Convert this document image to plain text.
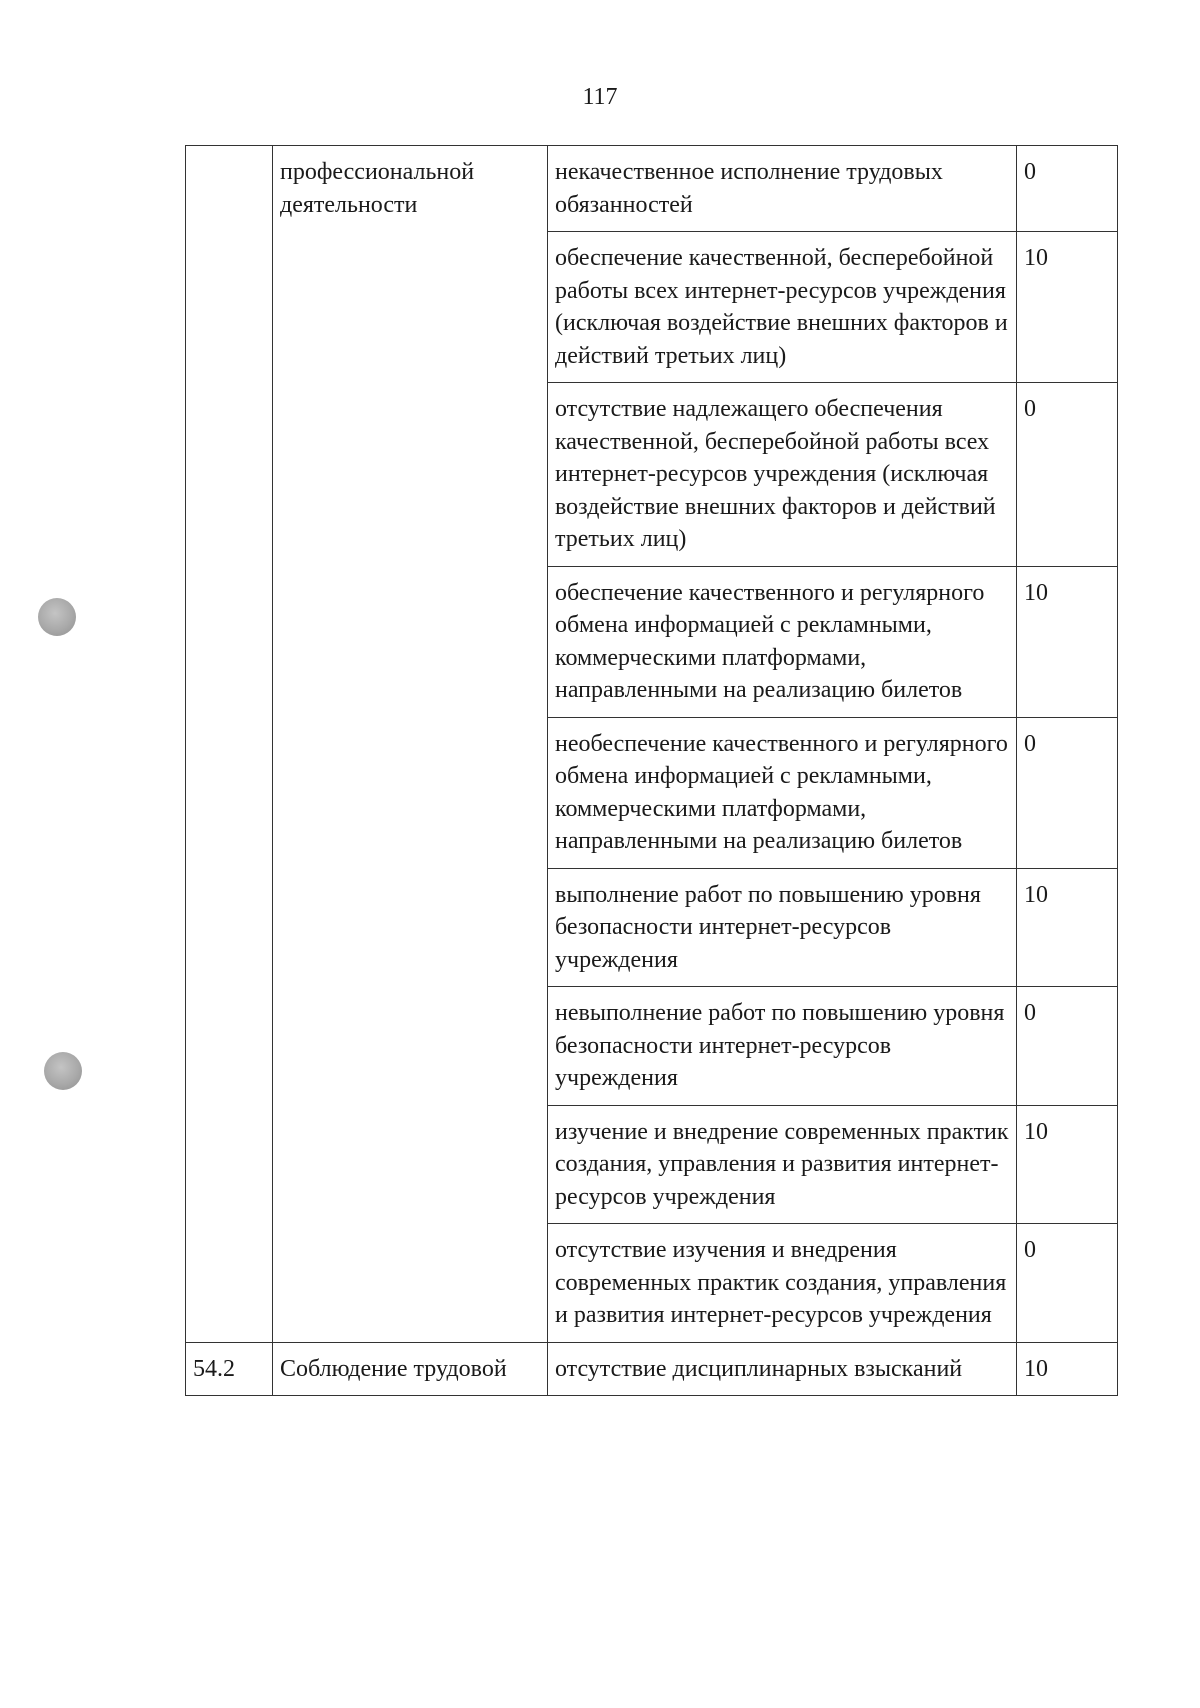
117
	профессиональной деятельности	некачественное исполнение трудовых обязанностей	0
		обеспечение качественной, бесперебойной работы всех интернет-ресурсов учреждения (исключая воздействие внешних факторов и действий третьих лиц)	10
		отсутствие надлежащего обеспечения качественной, бесперебойной работы всех интернет-ресурсов учреждения (исключая воздействие внешних факторов и действий третьих лиц)	0
		обеспечение качественного и регулярного обмена информацией с рекламными, коммерческими платформами, направленными на реализацию билетов	10
		необеспечение качественного и регулярного обмена информацией с рекламными, коммерческими платформами, направленными на реализацию билетов	0
		выполнение работ по повышению уровня безопасности интернет-ресурсов учреждения	10
		невыполнение работ по повышению уровня безопасности интернет-ресурсов учреждения	0
		изучение и внедрение современных практик создания, управления и развития интернет-ресурсов учреждения	10
		отсутствие изучения и внедрения современных практик создания, управления и развития интернет-ресурсов учреждения	0
54.2	Соблюдение трудовой	отсутствие дисциплинарных взысканий	10
